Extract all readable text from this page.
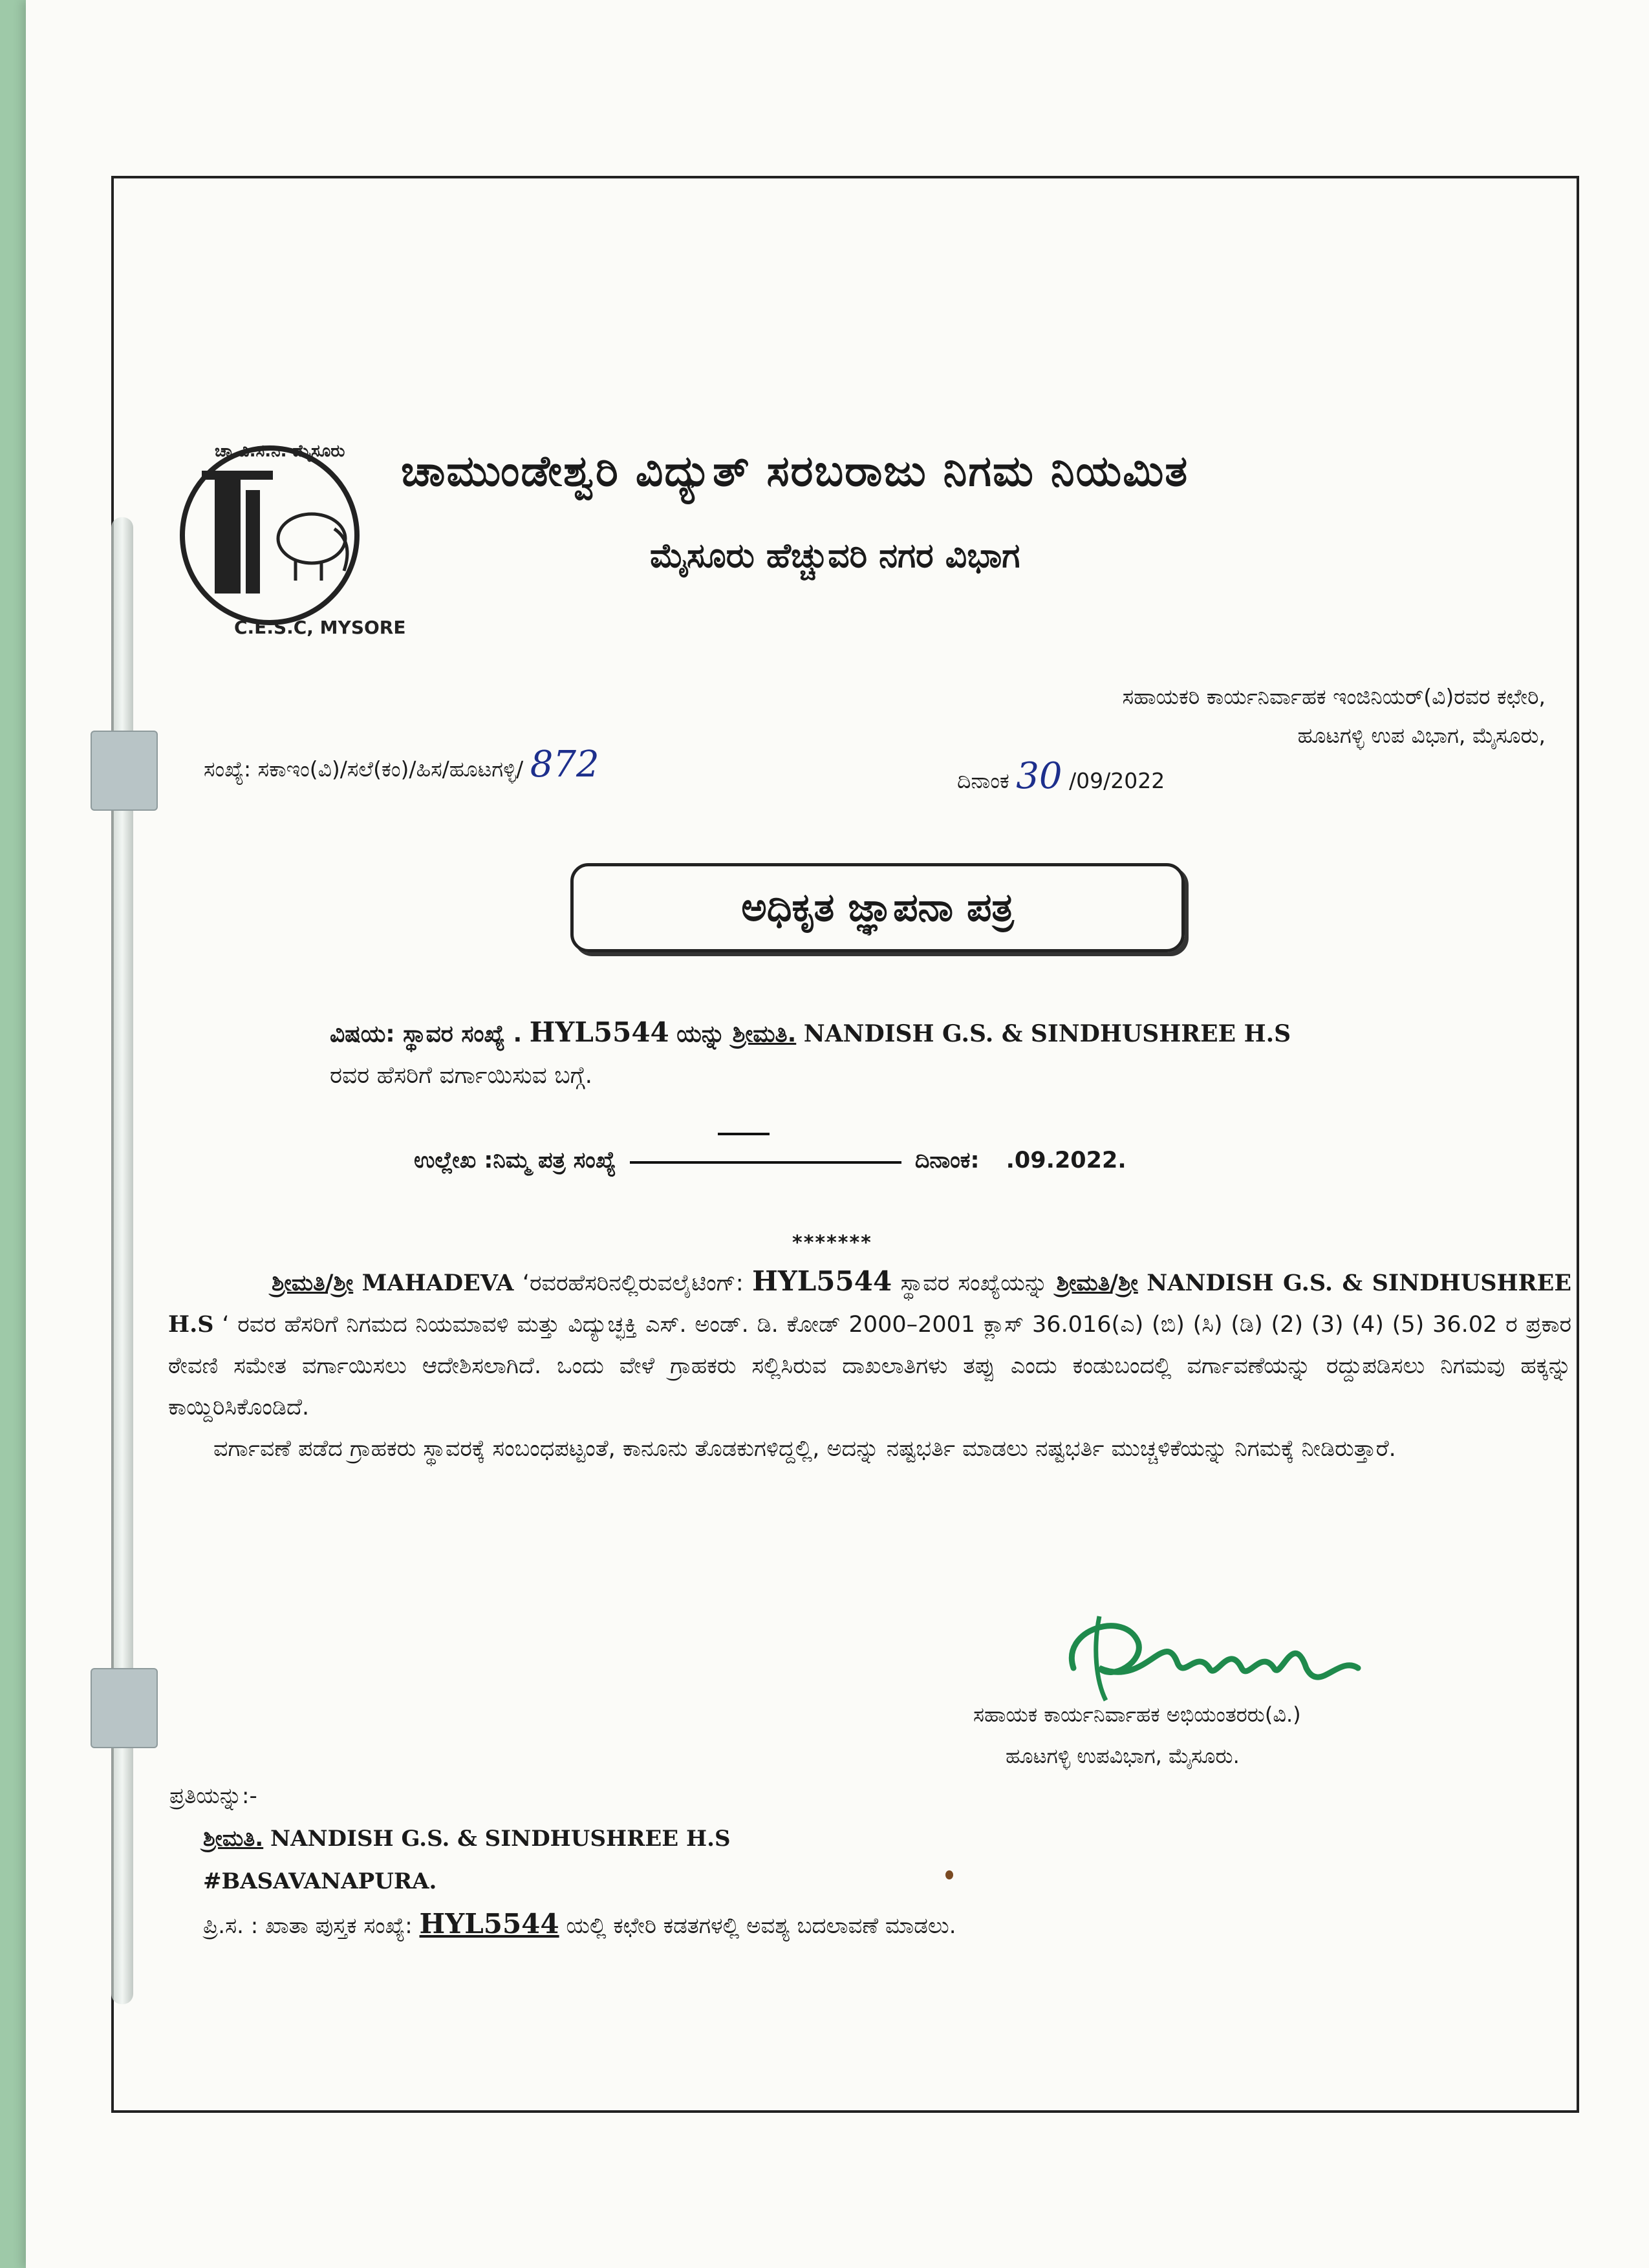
ಚಾ.ವಿ.ಸ.ನಿ. ಮೈಸೂರು
C.E.S.C, MYSORE
ಚಾಮುಂಡೇಶ್ವರಿ ವಿದ್ಯುತ್ ಸರಬರಾಜು ನಿಗಮ ನಿಯಮಿತ
ಮೈಸೂರು ಹೆಚ್ಚುವರಿ ನಗರ ವಿಭಾಗ
ಸಹಾಯಕರಿ ಕಾರ್ಯನಿರ್ವಾಹಕ ಇಂಜಿನಿಯರ್(ವಿ)ರವರ ಕಛೇರಿ,
ಹೂಟಗಳ್ಳಿ ಉಪ ವಿಭಾಗ, ಮೈಸೂರು,
ಸಂಖ್ಯೆ: ಸಕಾಇಂ(ವಿ)/ಸಲೆ(ಕಂ)/ಹಿಸ/ಹೂಟಗಳ್ಳಿ/ 872	ದಿನಾಂಕ 30 /09/2022
ಅಧಿಕೃತ ಜ್ಞಾಪನಾ ಪತ್ರ
ವಿಷಯ: ಸ್ಥಾವರ ಸಂಖ್ಯೆ . HYL5544 ಯನ್ನು ಶ್ರೀಮತಿ. NANDISH G.S. & SINDHUSHREE H.S
ರವರ ಹೆಸರಿಗೆ ವರ್ಗಾಯಿಸುವ ಬಗ್ಗೆ.
ಉಲ್ಲೇಖ :ನಿಮ್ಮ ಪತ್ರ ಸಂಖ್ಯೆ	ದಿನಾಂಕ: .09.2022.
*******

ಶ್ರೀಮತಿ/ಶ್ರೀ MAHADEVA ‘ರವರಹೆಸರಿನಲ್ಲಿರುವಲೈಟಿಂಗ್‌: HYL5544 ಸ್ಥಾವರ ಸಂಖ್ಯೆಯನ್ನು ಶ್ರೀಮತಿ/ಶ್ರೀ NANDISH G.S. & SINDHUSHREE H.S ‘ ರವರ ಹೆಸರಿಗೆ ನಿಗಮದ ನಿಯಮಾವಳಿ ಮತ್ತು ವಿದ್ಯುಚ್ಛಕ್ತಿ ಎಸ್. ಅಂಡ್. ಡಿ. ಕೋಡ್ 2000–2001 ಕ್ಲಾಸ್ 36.016(ಎ) (ಬಿ) (ಸಿ) (ಡಿ) (2) (3) (4) (5) 36.02 ರ ಪ್ರಕಾರ ಠೇವಣಿ ಸಮೇತ ವರ್ಗಾಯಿಸಲು ಆದೇಶಿಸಲಾಗಿದೆ. ಒಂದು ವೇಳೆ ಗ್ರಾಹಕರು ಸಲ್ಲಿಸಿರುವ ದಾಖಲಾತಿಗಳು ತಪ್ಪು ಎಂದು ಕಂಡುಬಂದಲ್ಲಿ ವರ್ಗಾವಣೆಯನ್ನು ರದ್ದುಪಡಿಸಲು ನಿಗಮವು ಹಕ್ಕನ್ನು ಕಾಯ್ದಿರಿಸಿಕೊಂಡಿದೆ.

ವರ್ಗಾವಣೆ ಪಡೆದ ಗ್ರಾಹಕರು ಸ್ಥಾವರಕ್ಕೆ ಸಂಬಂಧಪಟ್ಟಂತೆ, ಕಾನೂನು ತೊಡಕುಗಳಿದ್ದಲ್ಲಿ, ಅದನ್ನು ನಷ್ಟಭರ್ತಿ ಮಾಡಲು ನಷ್ಟಭರ್ತಿ ಮುಚ್ಚಳಿಕೆಯನ್ನು ನಿಗಮಕ್ಕೆ ನೀಡಿರುತ್ತಾರೆ.

ಸಹಾಯಕ ಕಾರ್ಯನಿರ್ವಾಹಕ ಅಭಿಯಂತರರು(ವಿ.)
ಹೂಟಗಳ್ಳಿ ಉಪವಿಭಾಗ, ಮೈಸೂರು.
ಪ್ರತಿಯನ್ನು:-
ಶ್ರೀಮತಿ. NANDISH G.S. & SINDHUSHREE H.S
#BASAVANAPURA.
ಪ್ರಿ.ಸ. : ಖಾತಾ ಪುಸ್ತಕ ಸಂಖ್ಯೆ: HYL5544 ಯಲ್ಲಿ ಕಛೇರಿ ಕಡತಗಳಲ್ಲಿ ಅವಶ್ಯ ಬದಲಾವಣೆ ಮಾಡಲು.
